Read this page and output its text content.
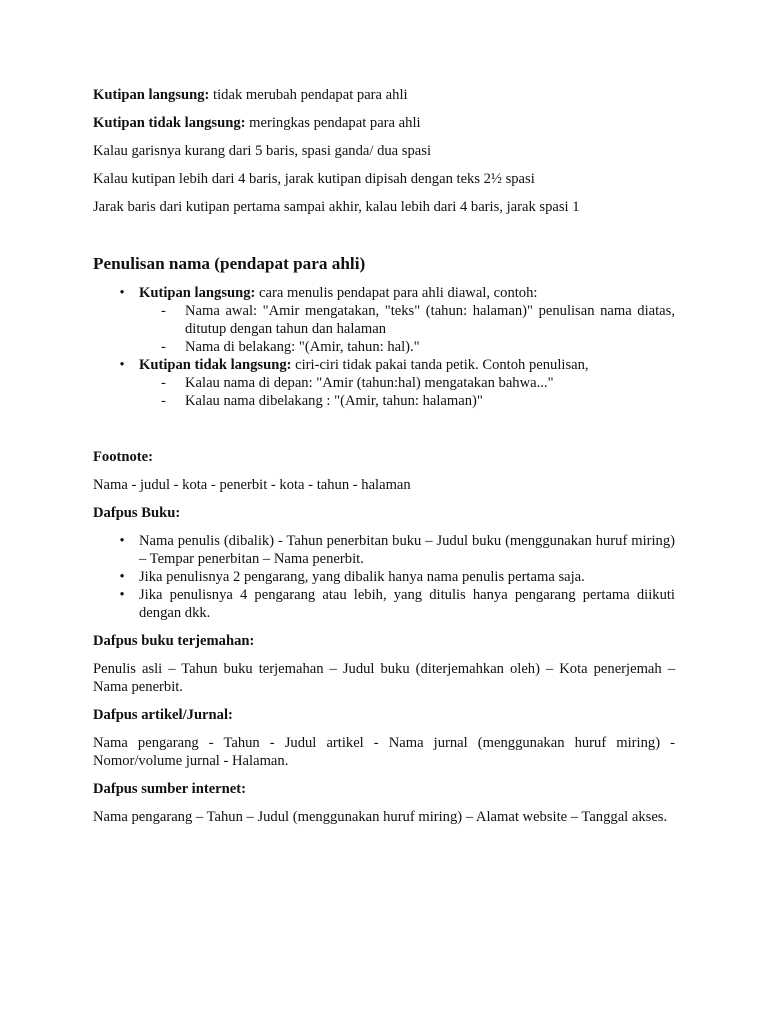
Kutipan langsung: tidak merubah pendapat para ahli

Kutipan tidak langsung: meringkas pendapat para ahli

Kalau garisnya kurang dari 5 baris, spasi ganda/ dua spasi

Kalau kutipan lebih dari 4 baris, jarak kutipan dipisah dengan teks 2½ spasi

Jarak baris dari kutipan pertama sampai akhir, kalau lebih dari 4 baris, jarak spasi 1

Penulisan nama (pendapat para ahli)

• Kutipan langsung: cara menulis pendapat para ahli diawal, contoh:
-	Nama awal: "Amir mengatakan, "teks" (tahun: halaman)" penulisan nama diatas, ditutup dengan tahun dan halaman
-	Nama di belakang: "(Amir, tahun: hal)."
• Kutipan tidak langsung: ciri-ciri tidak pakai tanda petik. Contoh penulisan,
-	Kalau nama di depan: "Amir (tahun:hal) mengatakan bahwa..."
-	Kalau nama dibelakang : "(Amir, tahun: halaman)"

Footnote:

Nama - judul - kota - penerbit - kota - tahun - halaman

Dafpus Buku:

• Nama penulis (dibalik) - Tahun penerbitan buku – Judul buku (menggunakan huruf miring) – Tempar penerbitan – Nama penerbit.
• Jika penulisnya 2 pengarang, yang dibalik hanya nama penulis pertama saja.
• Jika penulisnya 4 pengarang atau lebih, yang ditulis hanya pengarang pertama diikuti dengan dkk.

Dafpus buku terjemahan:

Penulis asli – Tahun buku terjemahan – Judul buku (diterjemahkan oleh) – Kota penerjemah – Nama penerbit.

Dafpus artikel/Jurnal:

Nama pengarang - Tahun - Judul artikel - Nama jurnal (menggunakan huruf miring) - Nomor/volume jurnal - Halaman.

Dafpus sumber internet:

Nama pengarang – Tahun – Judul (menggunakan huruf miring) – Alamat website – Tanggal akses.
